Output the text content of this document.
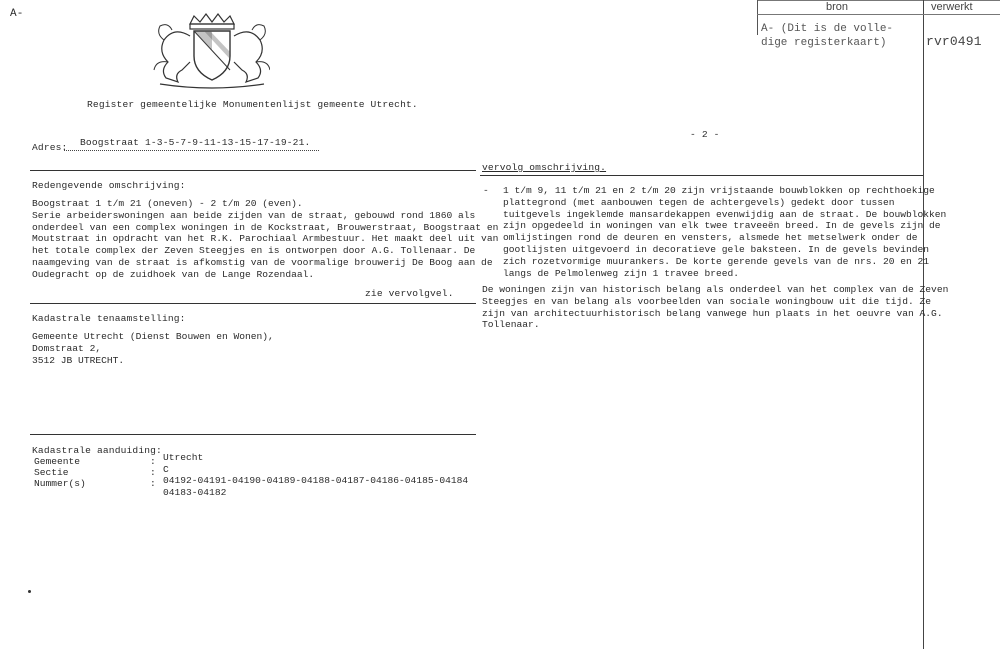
A-
bron	verwerkt
A- (Dit is de volle-
dige registerkaart)	rvr0491
Register gemeentelijke Monumentenlijst gemeente Utrecht.
Adres: Boogstraat 1-3-5-7-9-11-13-15-17-19-21.
- 2 -
Redengevende omschrijving:
Boogstraat 1 t/m 21 (oneven) - 2 t/m 20 (even).
Serie arbeiderswoningen aan beide zijden van de straat, gebouwd rond 1860 als
onderdeel van een complex woningen in de Kockstraat, Brouwerstraat, Boogstraat en
Moutstraat in opdracht van het R.K. Parochiaal Armbestuur. Het maakt deel uit van
het totale complex der Zeven Steegjes en is ontworpen door A.G. Tollenaar. De
naamgeving van de straat is afkomstig van de voormalige brouwerij De Boog aan de
Oudegracht op de zuidhoek van de Lange Rozendaal.
zie vervolgvel.
Kadastrale tenaamstelling:
Gemeente Utrecht (Dienst Bouwen en Wonen),
Domstraat 2,
3512 JB UTRECHT.
Kadastrale aanduiding:
Gemeente	: Utrecht
Sectie	: C
Nummer(s)	: 04192-04191-04190-04189-04188-04187-04186-04185-04184
04183-04182
vervolg omschrijving.
- 1 t/m 9, 11 t/m 21 en 2 t/m 20 zijn vrijstaande bouwblokken op rechthoekige
plattegrond (met aanbouwen tegen de achtergevels) gedekt door tussen
tuitgevels ingeklemde mansardekappen evenwijdig aan de straat. De bouwblokken
zijn opgedeeld in woningen van elk twee traveeën breed. In de gevels zijn de
omlijstingen rond de deuren en vensters, alsmede het metselwerk onder de
gootlijsten uitgevoerd in decoratieve gele baksteen. In de gevels bevinden
zich rozetvormige muurankers. De korte gerende gevels van de nrs. 20 en 21
langs de Pelmolenweg zijn 1 travee breed.
De woningen zijn van historisch belang als onderdeel van het complex van de Zeven
Steegjes en van belang als voorbeelden van sociale woningbouw uit die tijd. Ze
zijn van architectuurhistorisch belang vanwege hun plaats in het oeuvre van A.G.
Tollenaar.
